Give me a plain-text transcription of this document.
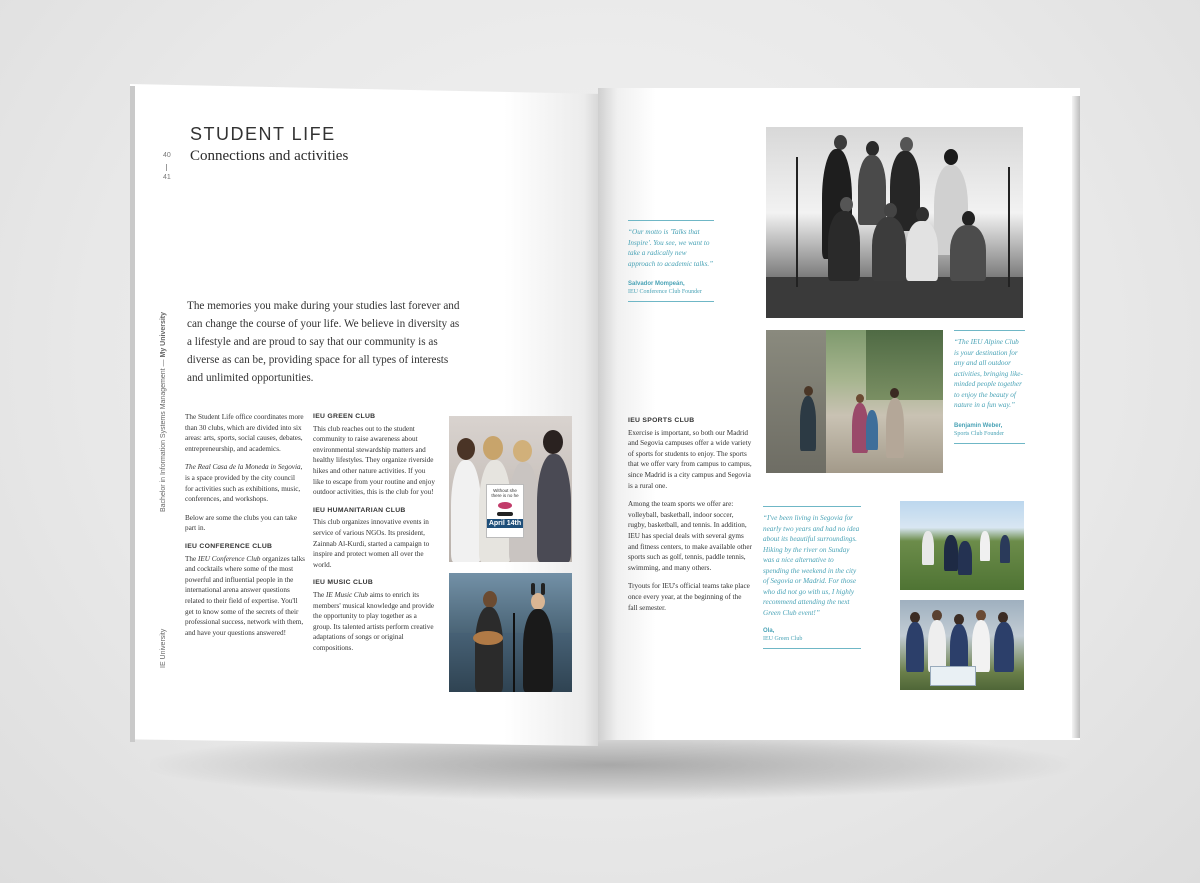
STUDENT LIFE
Connections and activities
40
41
Bachelor in Information Systems Management — My University
IE University
The memories you make during your studies last forever and can change the course of your life. We believe in diversity as a lifestyle and are proud to say that our community is as diverse as can be, providing space for all types of interests and unlimited opportunities.

The Student Life office coordinates more than 30 clubs, which are divided into six areas: arts, sports, social causes, debates, entrepreneurship, and academics.

The Real Casa de la Moneda in Segovia, is a space provided by the city council for activities such as exhibitions, music, conferences, and workshops.

Below are some the clubs you can take part in.

IEU CONFERENCE CLUB

The IEU Conference Club organizes talks and cocktails where some of the most powerful and influential people in the international arena answer questions related to their field of expertise. You'll get to know some of the secrets of their professional success, network with them, and have your questions answered!

IEU GREEN CLUB

This club reaches out to the student community to raise awareness about environmental stewardship matters and healthy lifestyles. They organize riverside hikes and other nature activities. If you like to escape from your routine and enjoy outdoor activities, this is the club for you!

IEU HUMANITARIAN CLUB

This club organizes innovative events in service of various NGOs. Its president, Zainnab Al-Kurdi, started a campaign to inspire and protect women all over the world.

IEU MUSIC CLUB

The IE Music Club aims to enrich its members' musical knowledge and provide the opportunity to play together as a group. Its talented artists perform creative adaptations of songs or original compositions.

Without she
there is no he
April 14th
“Our motto is 'Talks that Inspire'. You see, we want to take a radically new approach to academic talks.”
Salvador Mompeán,
IEU Conference Club Founder
“The IEU Alpine Club is your destination for any and all outdoor activities, bringing like-minded people together to enjoy the beauty of nature in a fun way.”
Benjamin Weber,
Sports Club Founder
IEU SPORTS CLUB

Exercise is important, so both our Madrid and Segovia campuses offer a wide variety of sports for students to enjoy. The sports that we offer vary from campus to campus, since Madrid is a city campus and Segovia is a rural one.

Among the team sports we offer are: volleyball, basketball, indoor soccer, rugby, basketball, and tennis. In addition, IEU has special deals with several gyms and fitness centers, to make available other sports such as golf, tennis, paddle tennis, swimming, and many others.

Tryouts for IEU's official teams take place once every year, at the beginning of the fall semester.

“I've been living in Segovia for nearly two years and had no idea about its beautiful surroundings. Hiking by the river on Sunday was a nice alternative to spending the weekend in the city of Segovia or Madrid. For those who did not go with us, I highly recommend attending the next Green Club event!”
Ola,
IEU Green Club
